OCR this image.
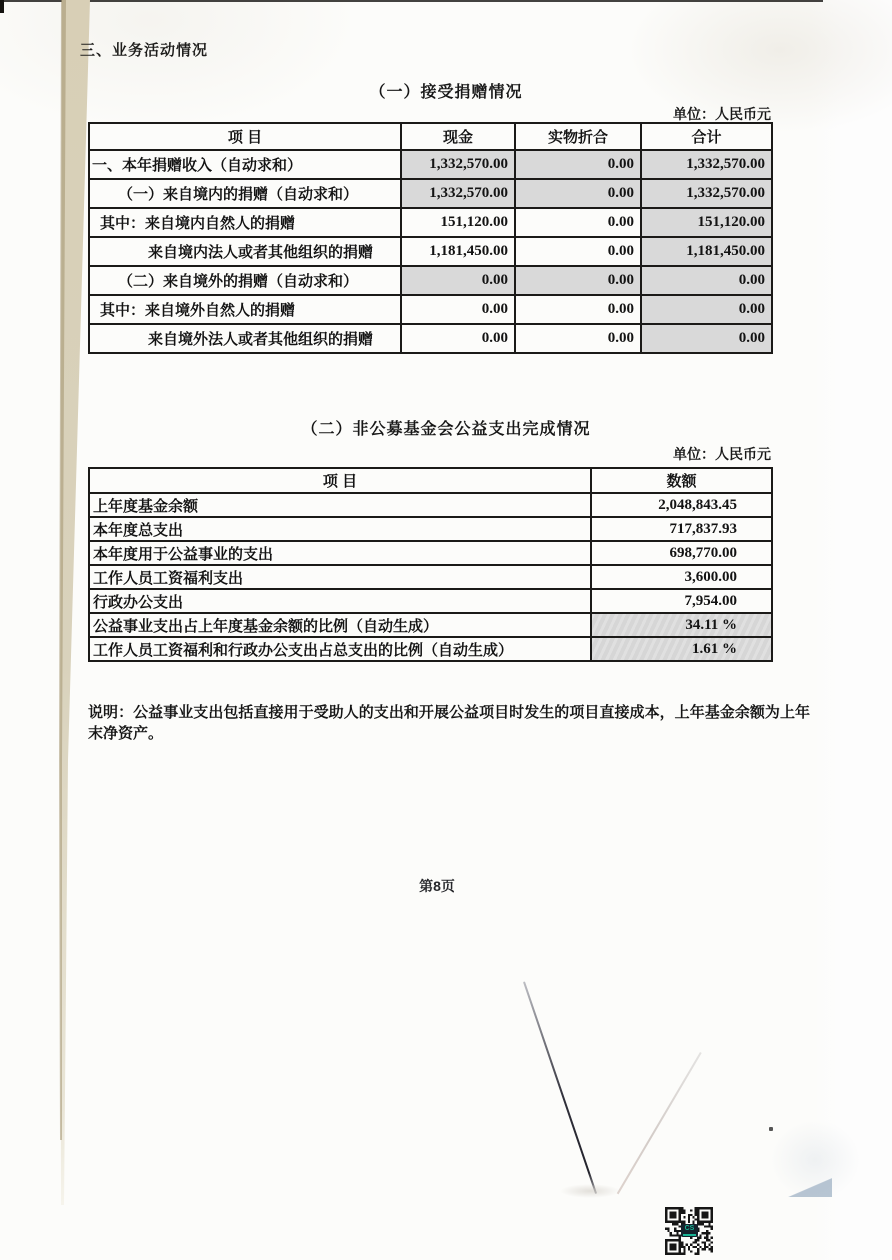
三、业务活动情况
（一）接受捐赠情况
单位：人民币元
项 目	现金	实物折合	合计
一、本年捐赠收入（自动求和）	1,332,570.00	0.00	1,332,570.00
（一）来自境内的捐赠（自动求和）	1,332,570.00	0.00	1,332,570.00
其中：来自境内自然人的捐赠	151,120.00	0.00	151,120.00
来自境内法人或者其他组织的捐赠	1,181,450.00	0.00	1,181,450.00
（二）来自境外的捐赠（自动求和）	0.00	0.00	0.00
其中：来自境外自然人的捐赠	0.00	0.00	0.00
来自境外法人或者其他组织的捐赠	0.00	0.00	0.00
（二）非公募基金会公益支出完成情况
单位：人民币元
项 目	数额
上年度基金余额	2,048,843.45
本年度总支出	717,837.93
本年度用于公益事业的支出	698,770.00
工作人员工资福利支出	3,600.00
行政办公支出	7,954.00
公益事业支出占上年度基金余额的比例（自动生成）	34.11 %
工作人员工资福利和行政办公支出占总支出的比例（自动生成）	1.61 %
说明：公益事业支出包括直接用于受助人的支出和开展公益项目时发生的项目直接成本，上年基金余额为上年末净资产。
第8页
CS
